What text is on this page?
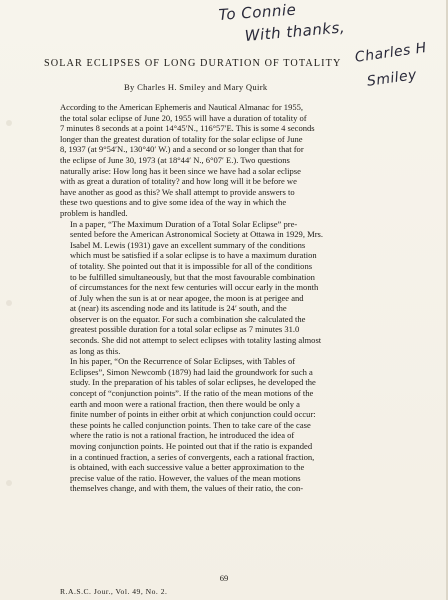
To Connie
With thanks,
Charles H
Smiley
SOLAR ECLIPSES OF LONG DURATION OF TOTALITY
By Charles H. Smiley and Mary Quirk

According to the American Ephemeris and Nautical Almanac for 1955,
the total solar eclipse of June 20, 1955 will have a duration of totality of
7 minutes 8 seconds at a point 14°45′N., 116°57′E. This is some 4 seconds
longer than the greatest duration of totality for the solar eclipse of June
8, 1937 (at 9°54′N., 130°40′ W.) and a second or so longer than that for
the eclipse of June 30, 1973 (at 18°44′ N., 6°07′ E.). Two questions
naturally arise: How long has it been since we have had a solar eclipse
with as great a duration of totality? and how long will it be before we
have another as good as this? We shall attempt to provide answers to
these two questions and to give some idea of the way in which the
problem is handled.

In a paper, “The Maximum Duration of a Total Solar Eclipse” pre-
sented before the American Astronomical Society at Ottawa in 1929, Mrs.
Isabel M. Lewis (1931) gave an excellent summary of the conditions
which must be satisfied if a solar eclipse is to have a maximum duration
of totality. She pointed out that it is impossible for all of the conditions
to be fulfilled simultaneously, but that the most favourable combination
of circumstances for the next few centuries will occur early in the month
of July when the sun is at or near apogee, the moon is at perigee and
at (near) its ascending node and its latitude is 24′ south, and the
observer is on the equator. For such a combination she calculated the
greatest possible duration for a total solar eclipse as 7 minutes 31.0
seconds. She did not attempt to select eclipses with totality lasting almost
as long as this.

In his paper, “On the Recurrence of Solar Eclipses, with Tables of
Eclipses”, Simon Newcomb (1879) had laid the groundwork for such a
study. In the preparation of his tables of solar eclipses, he developed the
concept of “conjunction points”. If the ratio of the mean motions of the
earth and moon were a rational fraction, then there would be only a
finite number of points in either orbit at which conjunction could occur:
these points he called conjunction points. Then to take care of the case
where the ratio is not a rational fraction, he introduced the idea of
moving conjunction points. He pointed out that if the ratio is expanded
in a continued fraction, a series of convergents, each a rational fraction,
is obtained, with each successive value a better approximation to the
precise value of the ratio. However, the values of the mean motions
themselves change, and with them, the values of their ratio, the con-

69
R.A.S.C. Jour., Vol. 49, No. 2.
